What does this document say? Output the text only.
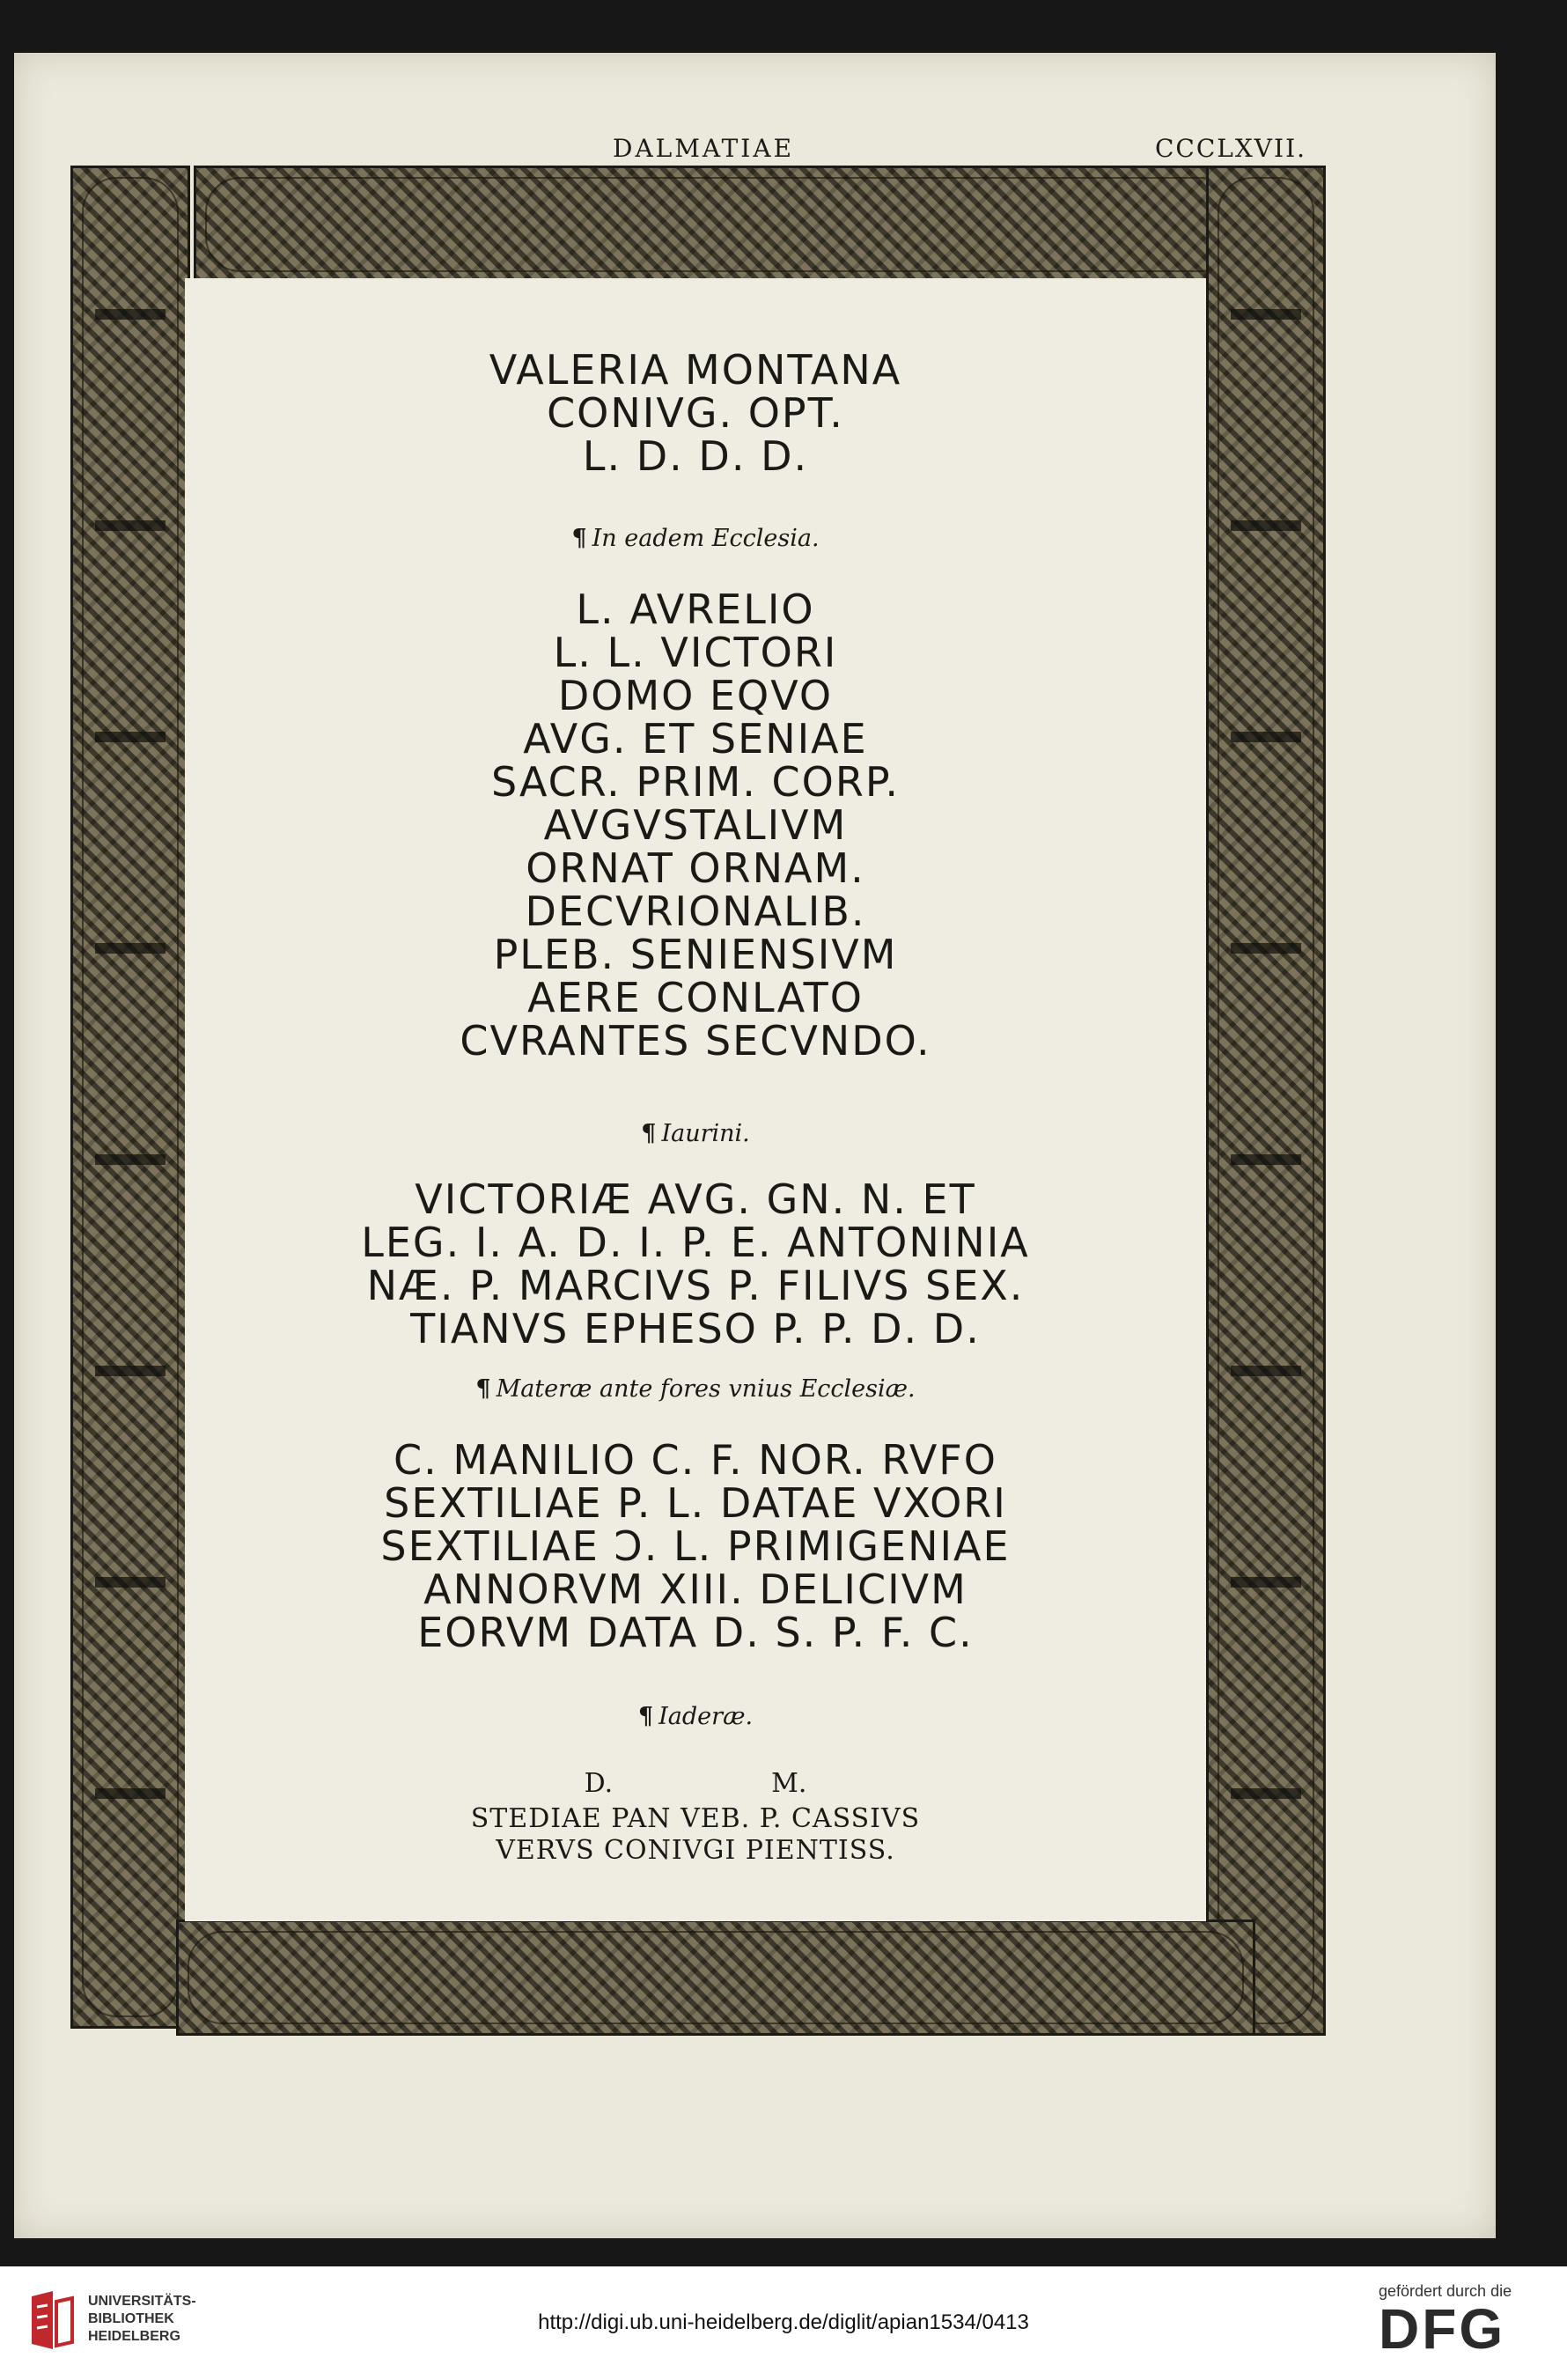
DALMATIAE	CCCLXVII.
VALERIA MONTANA
CONIVG. OPT.
L. D. D. D.

¶ In eadem Ecclesia.

L. AVRELIO
L. L. VICTORI
DOMO EQVO
AVG. ET SENIAE
SACR. PRIM. CORP.
AVGVSTALIVM
ORNAT ORNAM.
DECVRIONALIB.
PLEB. SENIENSIVM
AERE CONLATO
CVRANTES SECVNDO.

¶ Iaurini.

VICTORIÆ AVG. GN. N. ET
LEG. I. A. D. I. P. E. ANTONINIA
NÆ. P. MARCIVS P. FILIVS SEX.
TIANVS EPHESO P. P. D. D.

¶ Materæ ante fores vnius Ecclesiæ.

C. MANILIO C. F. NOR. RVFO
SEXTILIAE P. L. DATAE VXORI
SEXTILIAE Ɔ. L. PRIMIGENIAE
ANNORVM XIII. DELICIVM
EORVM DATA D. S. P. F. C.

¶ Iaderæ.

D.	M.
STEDIAE PAN VEB. P. CASSIVS
VERVS CONIVGI PIENTISS.
UNIVERSITÄTS-
BIBLIOTHEK
HEIDELBERG
http://digi.ub.uni-heidelberg.de/diglit/apian1534/0413
gefördert durch die
DFG
